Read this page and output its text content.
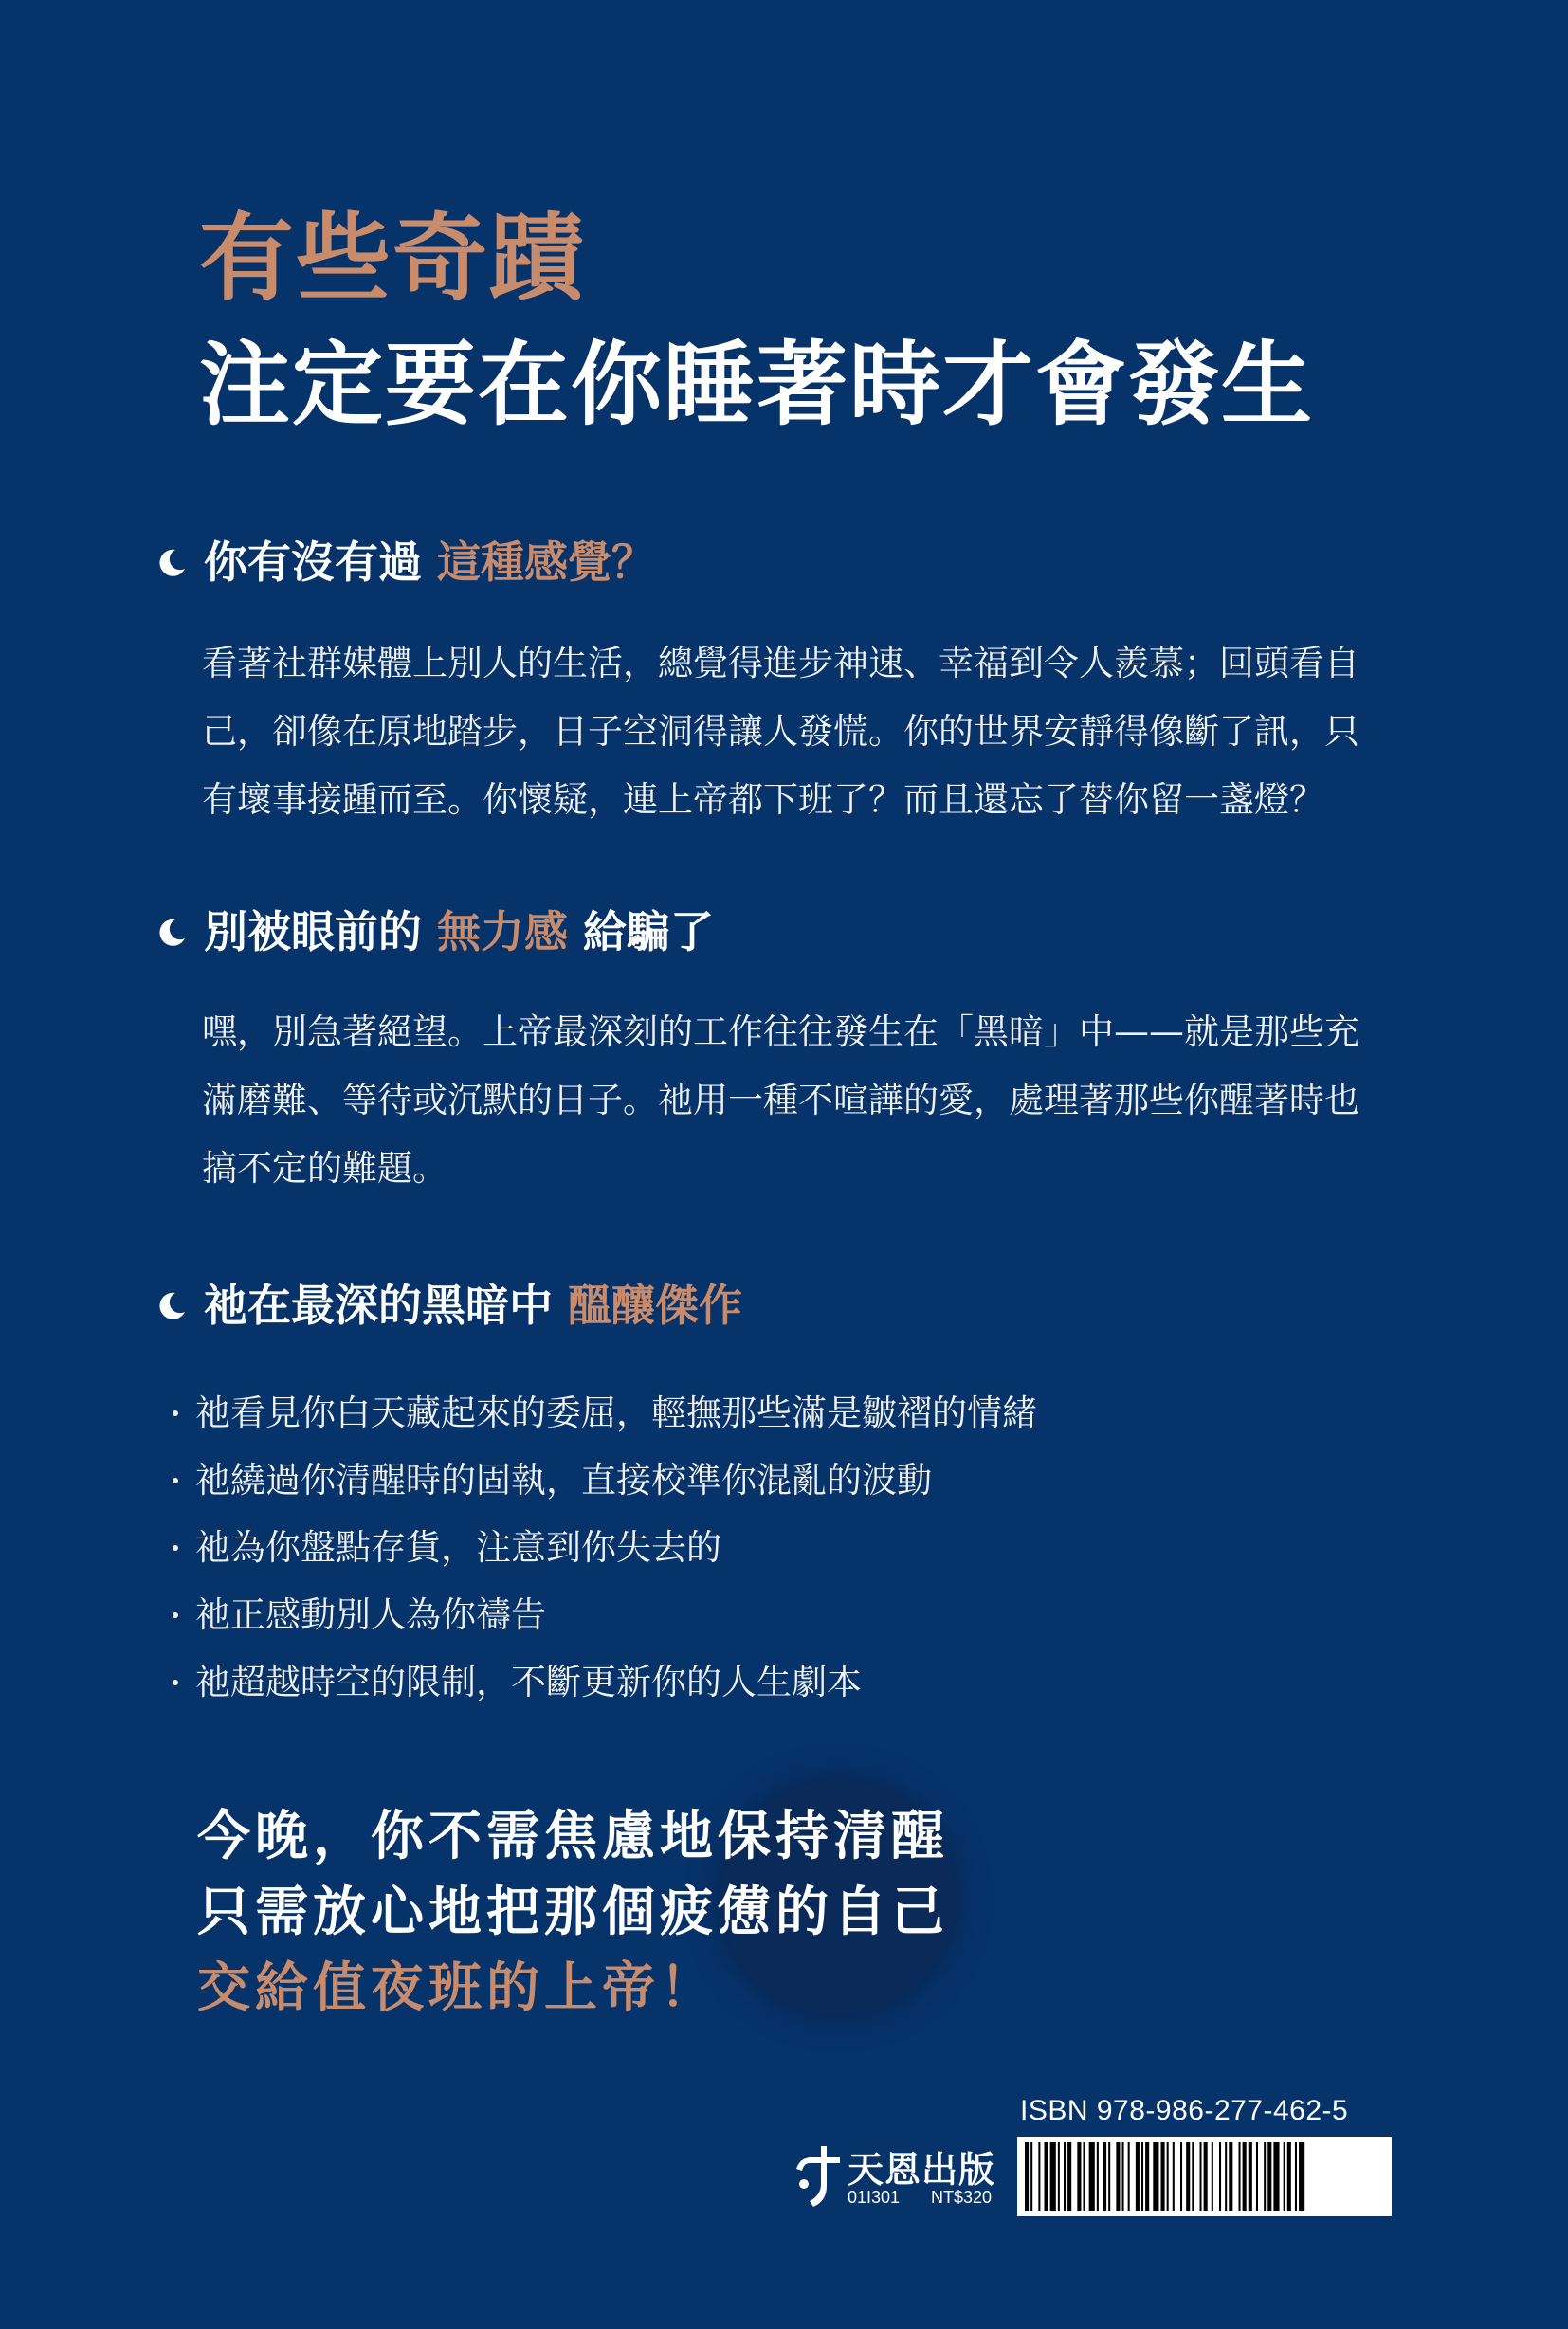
有些奇蹟
注定要在你睡著時才會發生
你有沒有過 這種感覺？
看著社群媒體上別人的生活，總覺得進步神速、幸福到令人羨慕；回頭看自
己，卻像在原地踏步，日子空洞得讓人發慌。你的世界安靜得像斷了訊，只
有壞事接踵而至。你懷疑，連上帝都下班了？而且還忘了替你留一盞燈？
別被眼前的 無力感 給騙了
嘿，別急著絕望。上帝最深刻的工作往往發生在「黑暗」中——就是那些充
滿磨難、等待或沉默的日子。祂用一種不喧譁的愛，處理著那些你醒著時也
搞不定的難題。
祂在最深的黑暗中 醞釀傑作
祂看見你白天藏起來的委屈，輕撫那些滿是皺褶的情緒
祂繞過你清醒時的固執，直接校準你混亂的波動
祂為你盤點存貨，注意到你失去的
祂正感動別人為你禱告
祂超越時空的限制，不斷更新你的人生劇本
今晚，你不需焦慮地保持清醒
只需放心地把那個疲憊的自己
交給值夜班的上帝！
ISBN 978-986-277-462-5
天恩出版
01I301 NT$320
